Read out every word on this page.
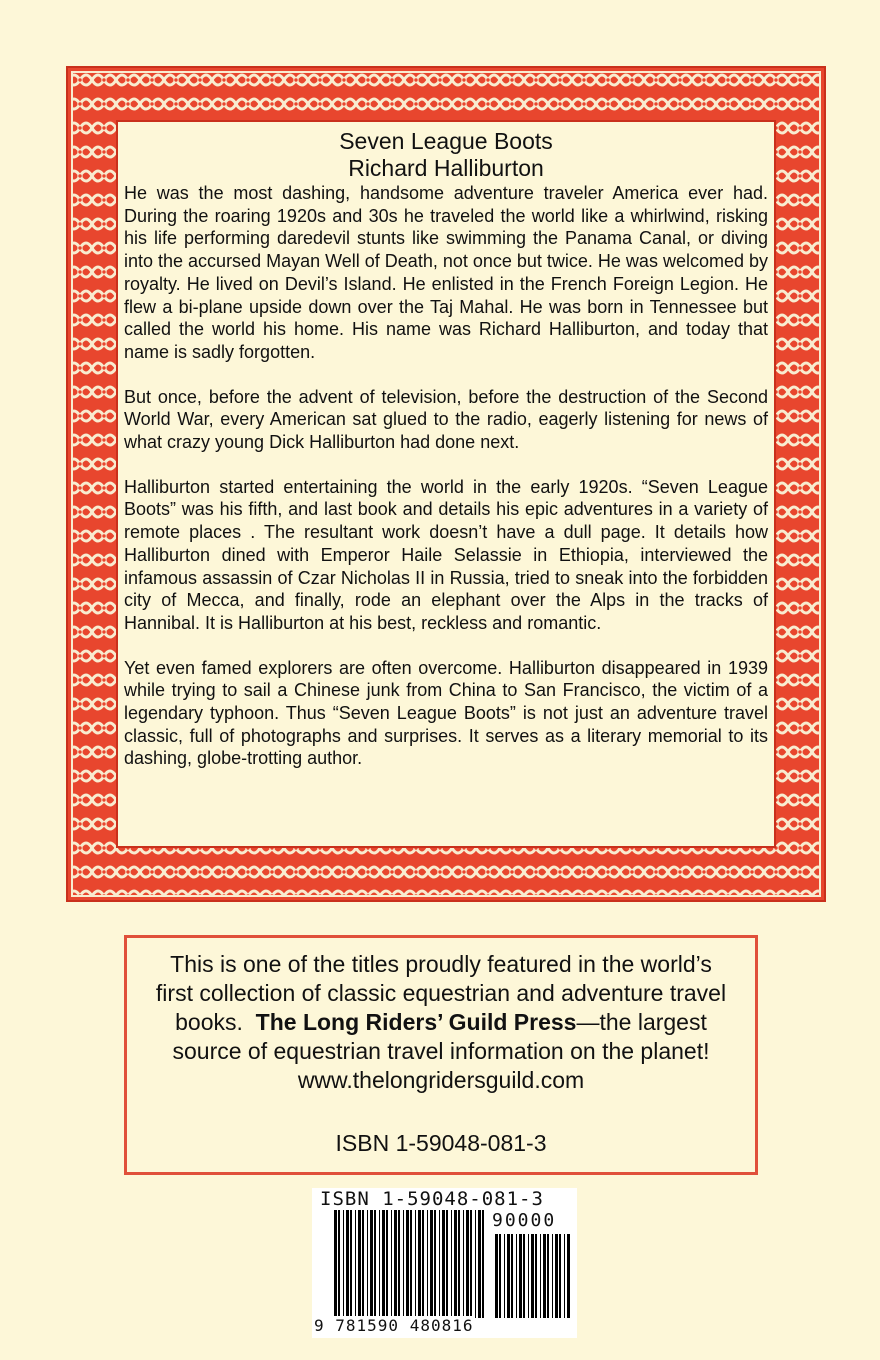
Seven League Boots
Richard Halliburton

He was the most dashing, handsome adventure traveler America ever had. During the roaring 1920s and 30s he traveled the world like a whirlwind, risking his life performing daredevil stunts like swimming the Panama Canal, or diving into the accursed Mayan Well of Death, not once but twice. He was welcomed by royalty. He lived on Devil’s Island. He enlisted in the French Foreign Legion. He flew a bi-plane upside down over the Taj Mahal. He was born in Tennessee but called the world his home. His name was Richard Halliburton, and today that name is sadly forgotten.

But once, before the advent of television, before the destruction of the Second World War, every American sat glued to the radio, eagerly listening for news of what crazy young Dick Halliburton had done next.

Halliburton started entertaining the world in the early 1920s. “Seven League Boots” was his fifth, and last book and details his epic adventures in a variety of remote places . The resultant work doesn’t have a dull page. It details how Halliburton dined with Emperor Haile Selassie in Ethiopia, interviewed the infamous assassin of Czar Nicholas II in Russia, tried to sneak into the forbidden city of Mecca, and finally, rode an elephant over the Alps in the tracks of Hannibal. It is Halliburton at his best, reckless and romantic.

Yet even famed explorers are often overcome. Halliburton disappeared in 1939 while trying to sail a Chinese junk from China to San Francisco, the victim of a legendary typhoon. Thus “Seven League Boots” is not just an adventure travel classic, full of photographs and surprises. It serves as a literary memorial to its dashing, globe-trotting author.

This is one of the titles proudly featured in the world’s

first collection of classic equestrian and adventure travel

books.  The Long Riders’ Guild Press—the largest

source of equestrian travel information on the planet!

www.thelongridersguild.com

ISBN 1-59048-081-3

ISBN 1-59048-081-3
90000
9 781590 480816
